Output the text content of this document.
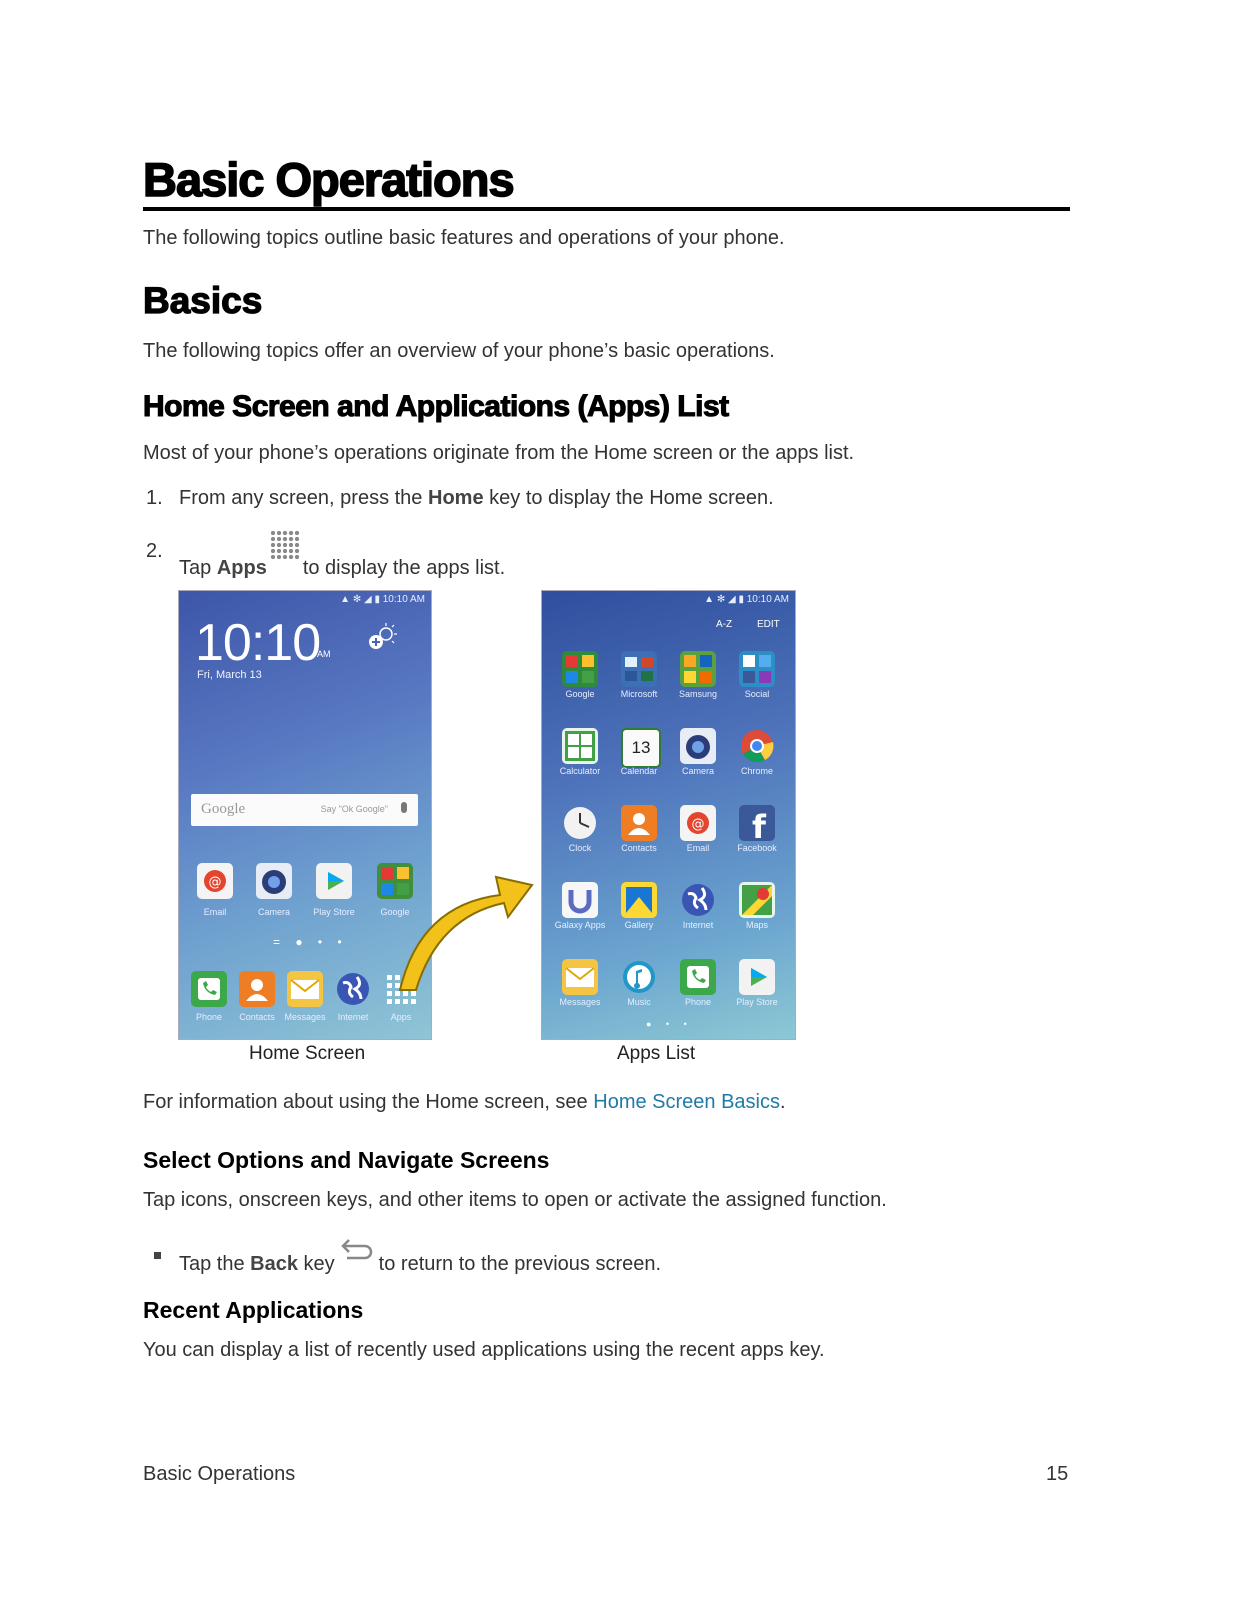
Basic Operations
The following topics outline basic features and operations of your phone.
Basics
The following topics offer an overview of your phone’s basic operations.
Home Screen and Applications (Apps) List
Most of your phone’s operations originate from the Home screen or the apps list.
1. From any screen, press the Home key to display the Home screen.
2.
Tap Apps to display the apps list.
▲ ✻ ◢ ▮ 10:10 AM
10:10
AM
Fri, March 13
Google	Say "Ok Google"
@
Email	Camera	Play Store	Google
= ● • •
Phone	Contacts	Messages	Internet	Apps
Home Screen
▲ ✻ ◢ ▮ 10:10 AM
A-Z EDIT
13
@ f
Google	Microsoft	Samsung	Social
Calculator	Calendar	Camera	Chrome
Clock	Contacts	Email	Facebook
Galaxy Apps	Gallery	Internet	Maps
Messages	Music	Phone	Play Store
● • •
Apps List
For information about using the Home screen, see Home Screen Basics.
Select Options and Navigate Screens
Tap icons, onscreen keys, and other items to open or activate the assigned function.
Tap the Back key to return to the previous screen.
Recent Applications
You can display a list of recently used applications using the recent apps key.
Basic Operations	15
